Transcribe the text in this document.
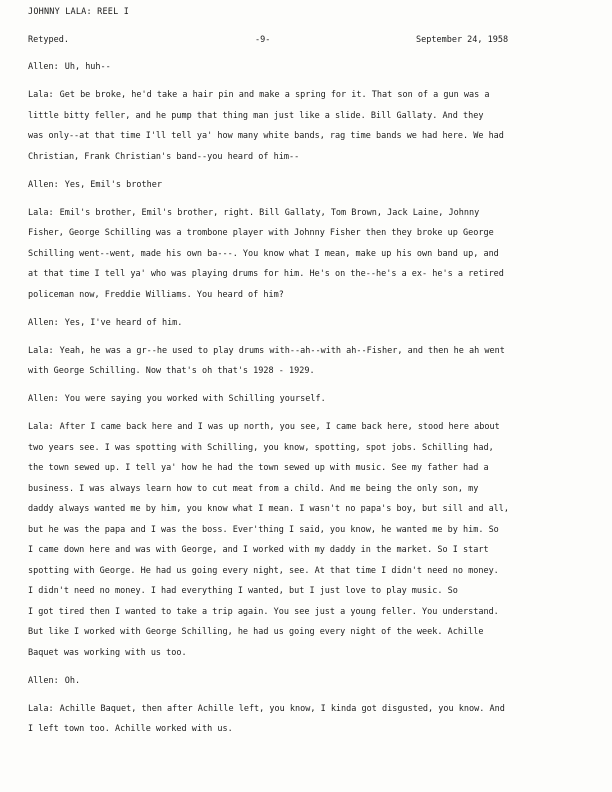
JOHNNY LALA: REEL I
Retyped.	-9-	September 24, 1958
Allen: Uh, huh--
Lala: Get be broke, he'd take a hair pin and make a spring for it. That son of a gun was a
little bitty feller, and he pump that thing man just like a slide. Bill Gallaty. And they
was only--at that time I'll tell ya' how many white bands, rag time bands we had here. We had
Christian, Frank Christian's band--you heard of him--
Allen: Yes, Emil's brother
Lala: Emil's brother, Emil's brother, right. Bill Gallaty, Tom Brown, Jack Laine, Johnny
Fisher, George Schilling was a trombone player with Johnny Fisher then they broke up George
Schilling went--went, made his own ba---. You know what I mean, make up his own band up, and
at that time I tell ya' who was playing drums for him. He's on the--he's a ex- he's a retired
policeman now, Freddie Williams. You heard of him?
Allen: Yes, I've heard of him.
Lala: Yeah, he was a gr--he used to play drums with--ah--with ah--Fisher, and then he ah went
with George Schilling. Now that's oh that's 1928 - 1929.
Allen: You were saying you worked with Schilling yourself.
Lala: After I came back here and I was up north, you see, I came back here, stood here about
two years see. I was spotting with Schilling, you know, spotting, spot jobs. Schilling had,
the town sewed up. I tell ya' how he had the town sewed up with music. See my father had a
business. I was always learn how to cut meat from a child. And me being the only son, my
daddy always wanted me by him, you know what I mean. I wasn't no papa's boy, but sill and all,
but he was the papa and I was the boss. Ever'thing I said, you know, he wanted me by him. So
I came down here and was with George, and I worked with my daddy in the market. So I start
spotting with George. He had us going every night, see. At that time I didn't need no money.
I didn't need no money. I had everything I wanted, but I just love to play music. So
I got tired then I wanted to take a trip again. You see just a young feller. You understand.
But like I worked with George Schilling, he had us going every night of the week. Achille
Baquet was working with us too.
Allen: Oh.
Lala: Achille Baquet, then after Achille left, you know, I kinda got disgusted, you know. And
I left town too. Achille worked with us.
